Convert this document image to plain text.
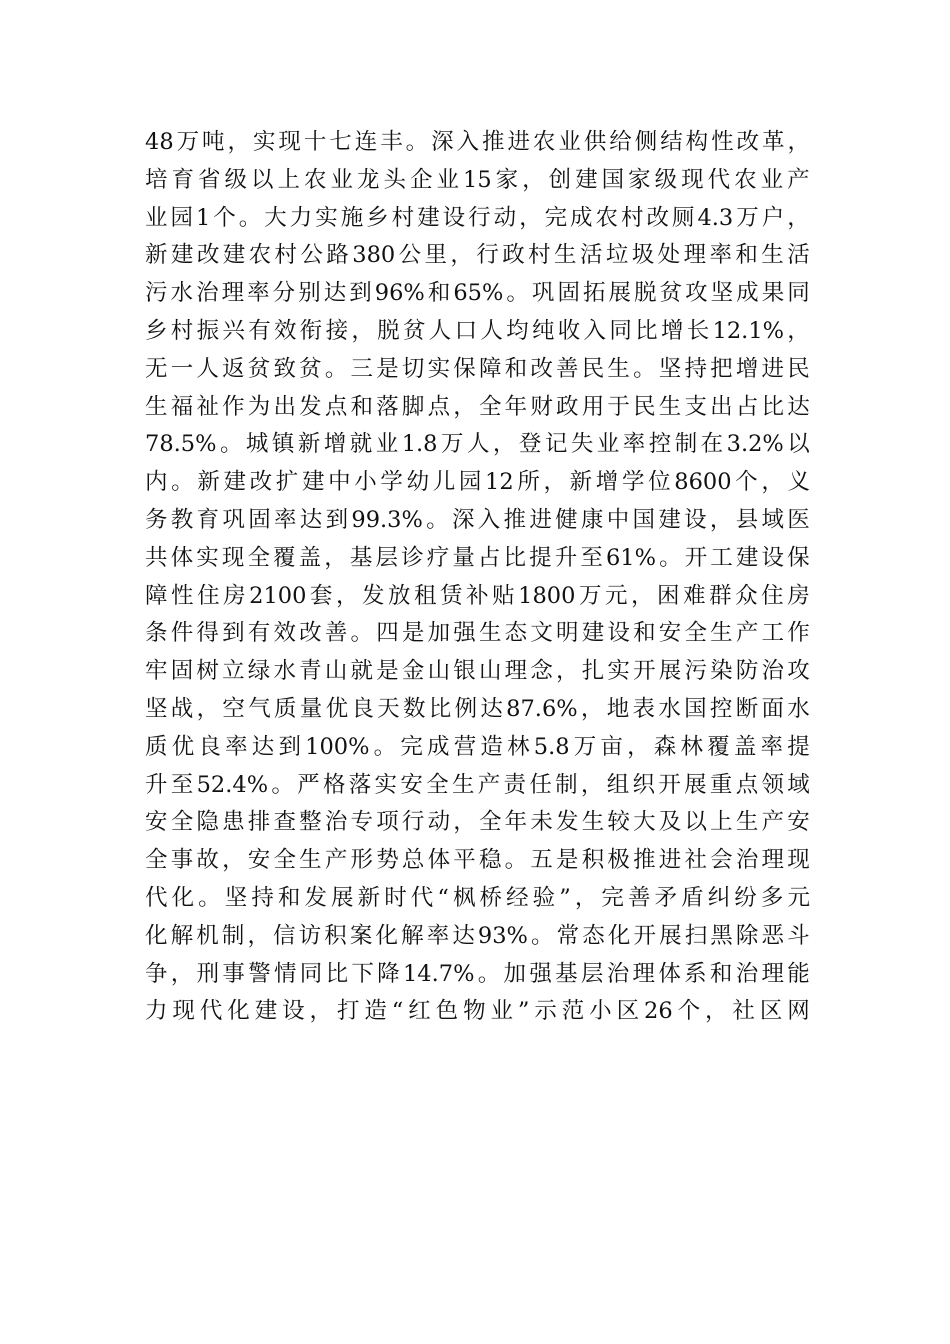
48 万 吨 ， 实 现 十 七 连 丰 。 深 入 推 进 农 业 供 给 侧 结 构 性 改 革 ，
培 育 省 级 以 上 农 业 龙 头 企 业 15 家 ， 创 建 国 家 级 现 代 农 业 产
业 园 1 个 。 大 力 实 施 乡 村 建 设 行 动 ， 完 成 农 村 改 厕 4.3 万 户 ，
新 建 改 建 农 村 公 路 380 公 里 ， 行 政 村 生 活 垃 圾 处 理 率 和 生 活
污 水 治 理 率 分 别 达 到 96% 和 65% 。 巩 固 拓 展 脱 贫 攻 坚 成 果 同
乡 村 振 兴 有 效 衔 接 ， 脱 贫 人 口 人 均 纯 收 入 同 比 增 长 12.1% ，
无 一 人 返 贫 致 贫 。 三 是 切 实 保 障 和 改 善 民 生 。 坚 持 把 增 进 民
生 福 祉 作 为 出 发 点 和 落 脚 点 ， 全 年 财 政 用 于 民 生 支 出 占 比 达
78.5% 。 城 镇 新 增 就 业 1.8 万 人 ， 登 记 失 业 率 控 制 在 3.2% 以
内 。 新 建 改 扩 建 中 小 学 幼 儿 园 12 所 ， 新 增 学 位 8600 个 ， 义
务 教 育 巩 固 率 达 到 99.3% 。 深 入 推 进 健 康 中 国 建 设 ， 县 域 医
共 体 实 现 全 覆 盖 ， 基 层 诊 疗 量 占 比 提 升 至 61% 。 开 工 建 设 保
障 性 住 房 2100 套 ， 发 放 租 赁 补 贴 1800 万 元 ， 困 难 群 众 住 房
条 件 得 到 有 效 改 善 。 四 是 加 强 生 态 文 明 建 设 和 安 全 生 产 工 作
牢 固 树 立 绿 水 青 山 就 是 金 山 银 山 理 念 ， 扎 实 开 展 污 染 防 治 攻
坚 战 ， 空 气 质 量 优 良 天 数 比 例 达 87.6% ， 地 表 水 国 控 断 面 水
质 优 良 率 达 到 100% 。 完 成 营 造 林 5.8 万 亩 ， 森 林 覆 盖 率 提
升 至 52.4% 。 严 格 落 实 安 全 生 产 责 任 制 ， 组 织 开 展 重 点 领 域
安 全 隐 患 排 查 整 治 专 项 行 动 ， 全 年 未 发 生 较 大 及 以 上 生 产 安
全 事 故 ， 安 全 生 产 形 势 总 体 平 稳 。 五 是 积 极 推 进 社 会 治 理 现
代 化 。 坚 持 和 发 展 新 时 代 “ 枫 桥 经 验 ” ， 完 善 矛 盾 纠 纷 多 元
化 解 机 制 ， 信 访 积 案 化 解 率 达 93% 。 常 态 化 开 展 扫 黑 除 恶 斗
争 ， 刑 事 警 情 同 比 下 降 14.7% 。 加 强 基 层 治 理 体 系 和 治 理 能
力 现 代 化 建 设 ， 打 造 “ 红 色 物 业 ” 示 范 小 区 26 个 ， 社 区 网
